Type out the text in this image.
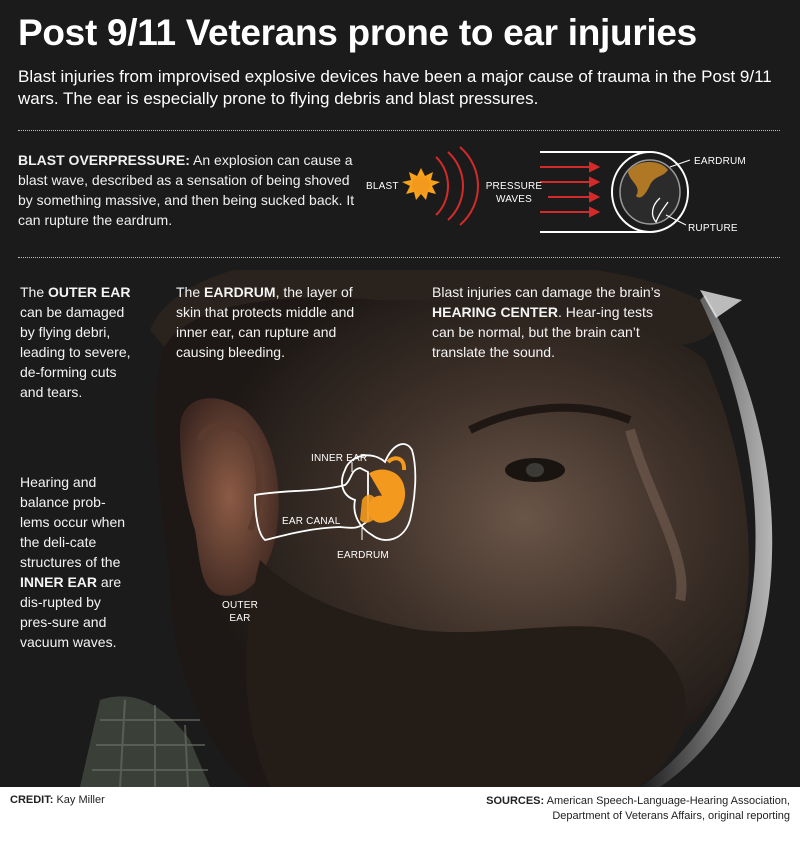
Post 9/11 Veterans prone to ear injuries

Blast injuries from improvised explosive devices have been a major cause of trauma in the Post 9/11 wars. The ear is especially prone to flying debris and blast pressures.

BLAST OVERPRESSURE: An explosion can cause a blast wave, described as a sensation of being shoved by something massive, and then being sucked back. It can rupture the eardrum.

BLAST	PRESSURE WAVES
EARDRUM
RUPTURE

The OUTER EAR can be damaged by flying debri, leading to severe, de-forming cuts and tears.

Hearing and balance prob-lems occur when the deli-cate structures of the INNER EAR are dis-rupted by pres-sure and vacuum waves.

The EARDRUM, the layer of skin that protects middle and inner ear, can rupture and causing bleeding.

Blast injuries can damage the brain’s HEARING CENTER. Hear-ing tests can be normal, but the brain can’t translate the sound.

INNER EAR
EAR CANAL
EARDRUM
OUTER EAR
CREDIT: Kay Miller	SOURCES: American Speech-Language-Hearing Association,
Department of Veterans Affairs, original reporting
